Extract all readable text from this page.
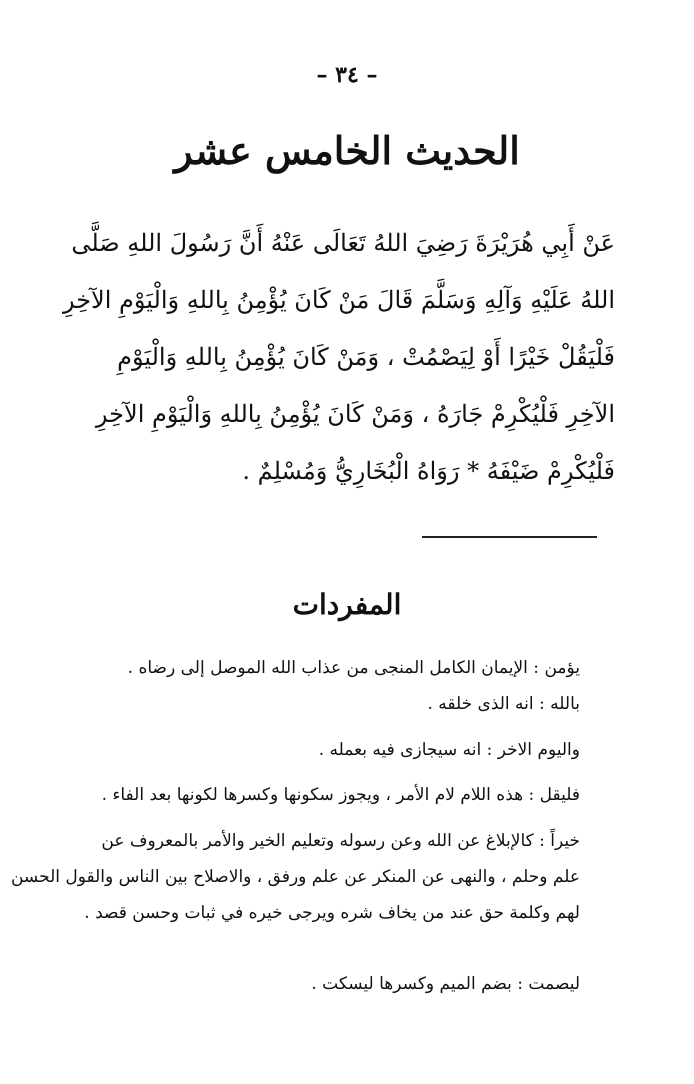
– ٣٤ –
الحديث الخامس عشر
عَنْ أَبِي هُرَيْرَةَ رَضِيَ اللهُ تَعَالَى عَنْهُ أَنَّ رَسُولَ اللهِ صَلَّى
اللهُ عَلَيْهِ وَآلِهِ وَسَلَّمَ قَالَ مَنْ كَانَ يُؤْمِنُ بِاللهِ وَالْيَوْمِ الآخِرِ
فَلْيَقُلْ خَيْرًا أَوْ لِيَصْمُتْ ، وَمَنْ كَانَ يُؤْمِنُ بِاللهِ وَالْيَوْمِ
الآخِرِ فَلْيُكْرِمْ جَارَهُ ، وَمَنْ كَانَ يُؤْمِنُ بِاللهِ وَالْيَوْمِ الآخِرِ
فَلْيُكْرِمْ ضَيْفَهُ * رَوَاهُ الْبُخَارِيُّ وَمُسْلِمٌ .
المفردات
يؤمن : الإيمان الكامل المنجى من عذاب الله الموصل إلى رضاه .
بالله : انه الذى خلقه .
واليوم الاخر : انه سيجازى فيه بعمله .
فليقل : هذه اللام لام الأمر ، ويجوز سكونها وكسرها لكونها بعد الفاء .
خيراً : كالإبلاغ عن الله وعن رسوله وتعليم الخير والأمر بالمعروف عن
علم وحلم ، والنهى عن المنكر عن علم ورفق ، والاصلاح بين الناس والقول الحسن
لهم وكلمة حق عند من يخاف شره ويرجى خيره في ثبات وحسن قصد .
ليصمت : بضم الميم وكسرها ليسكت .
